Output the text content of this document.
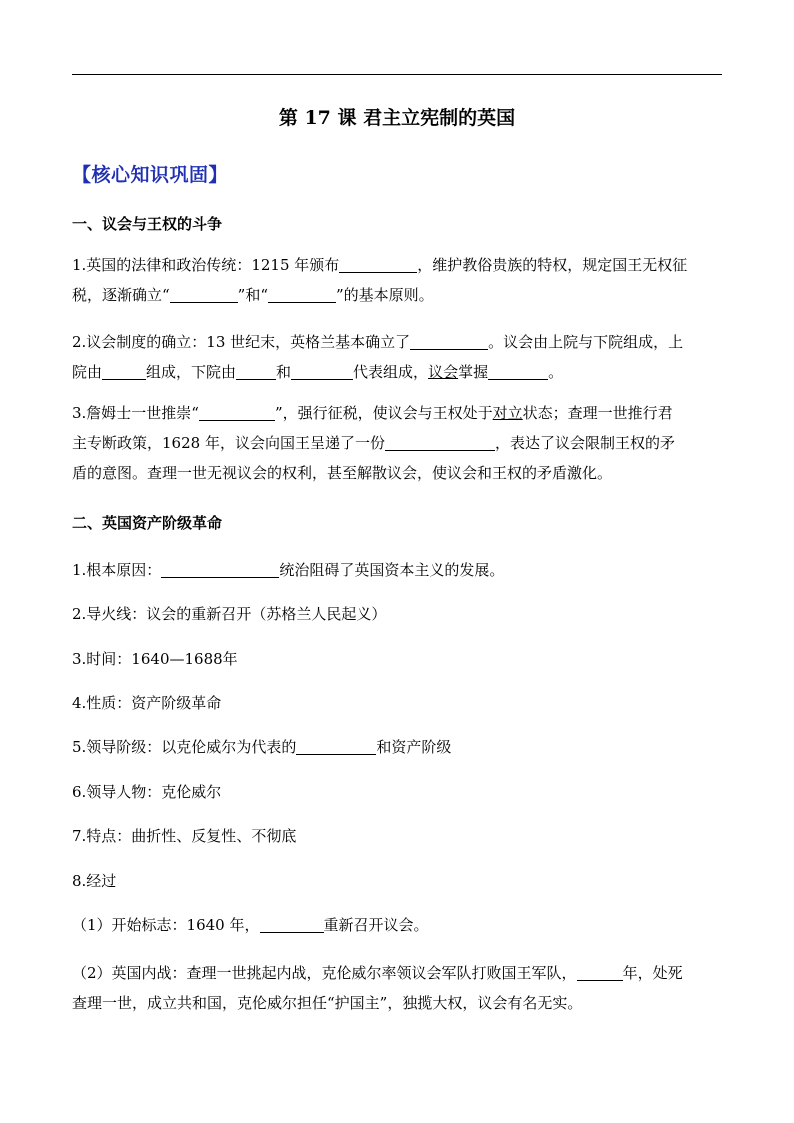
第 17 课 君主立宪制的英国
【核心知识巩固】
一、议会与王权的斗争
1.英国的法律和政治传统：1215 年颁布	，维护教俗贵族的特权，规定国王无权征
税，逐渐确立“	”和“	”的基本原则。
2.议会制度的确立：13 世纪末，英格兰基本确立了	。议会由上院与下院组成，上
院由	组成，下院由	和	代表组成，议会掌握	。
3.詹姆士一世推崇“	”，强行征税，使议会与王权处于对立状态；查理一世推行君
主专断政策，1628 年，议会向国王呈递了一份	，表达了议会限制王权的矛
盾的意图。查理一世无视议会的权利，甚至解散议会，使议会和王权的矛盾激化。
二、英国资产阶级革命
1.根本原因：	统治阻碍了英国资本主义的发展。
2.导火线：议会的重新召开（苏格兰人民起义）
3.时间：1640—1688年
4.性质：资产阶级革命
5.领导阶级：以克伦威尔为代表的	和资产阶级
6.领导人物：克伦威尔
7.特点：曲折性、反复性、不彻底
8.经过
（1）开始标志：1640 年，	重新召开议会。
（2）英国内战：查理一世挑起内战，克伦威尔率领议会军队打败国王军队，	年，处死
查理一世，成立共和国，克伦威尔担任“护国主”，独揽大权，议会有名无实。
